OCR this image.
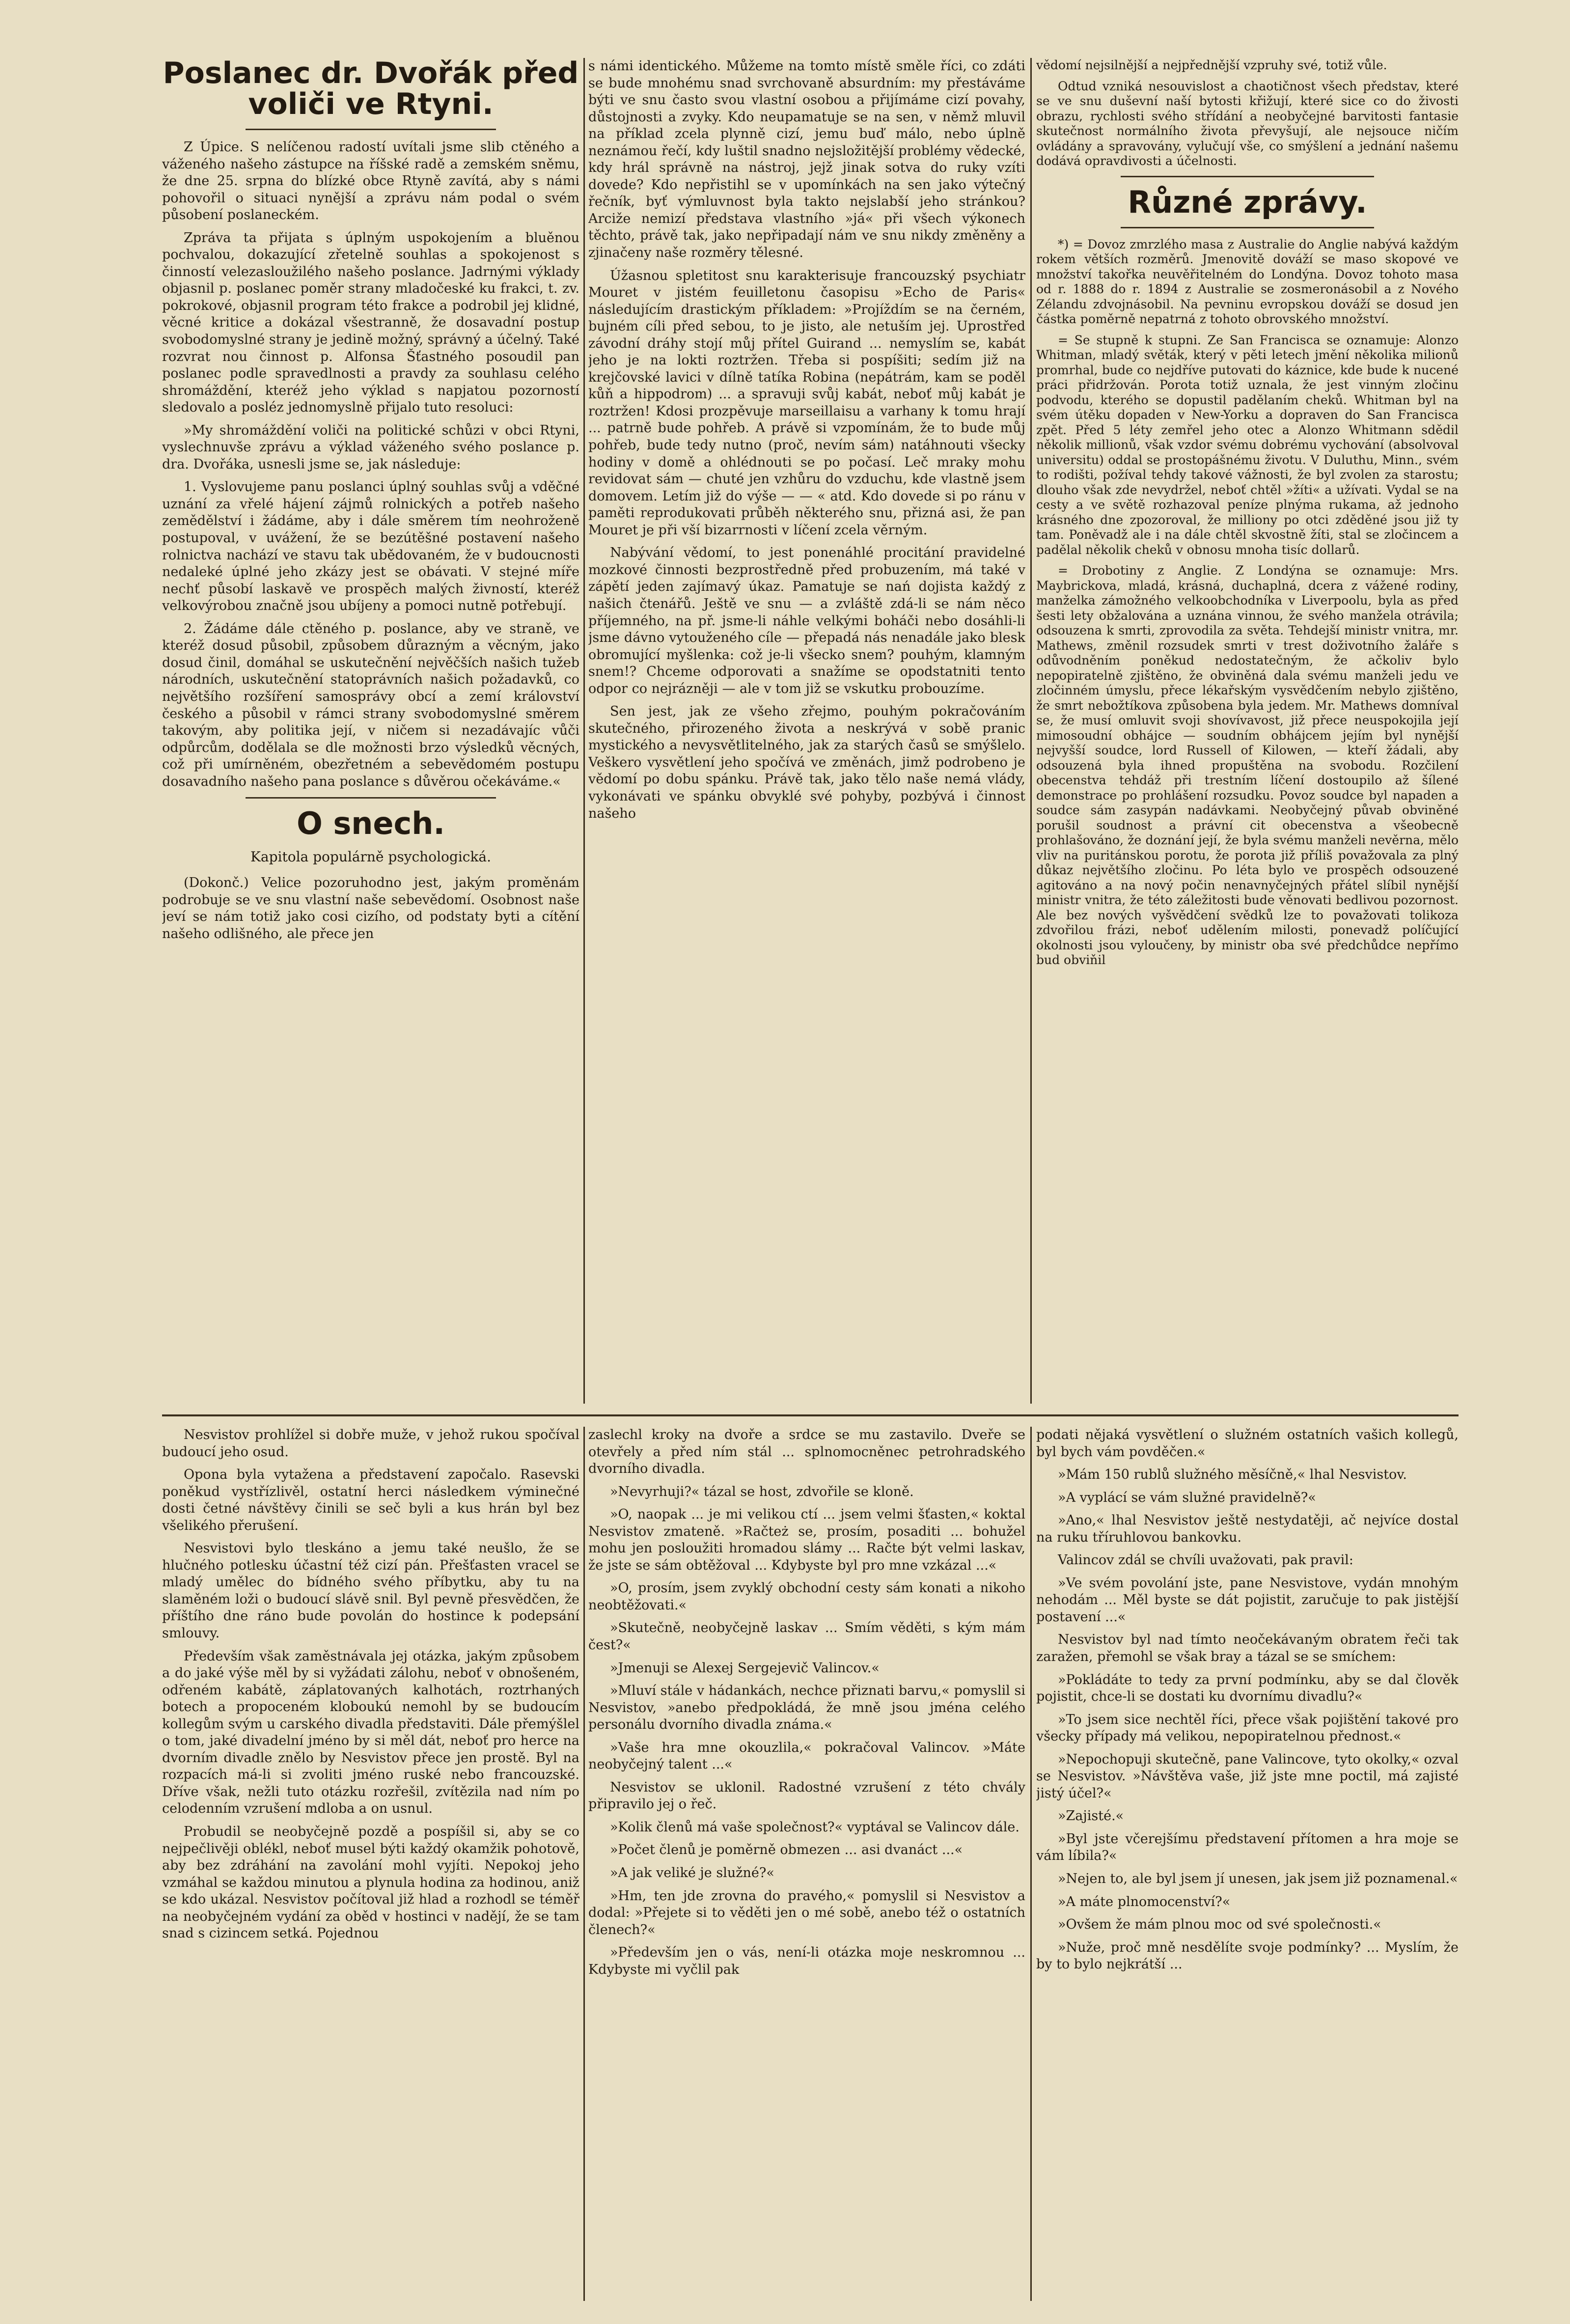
Poslanec dr. Dvořák před voliči ve Rtyni.

Z Úpice. S nelíčenou radostí uvítali jsme slib ctěného a váženého našeho zástupce na říšské radě a zemském sněmu, že dne 25. srpna do blízké obce Rtyně zavítá, aby s námi pohovořil o situaci nynější a zprávu nám podal o svém působení poslaneckém.

Zpráva ta přijata s úplným uspokojením a bluěnou pochvalou, dokazující zřetelně souhlas a spokojenost s činností velezasloužilého našeho poslance. Jadrnými výklady objasnil p. poslanec poměr strany mladočeské ku frakci, t. zv. pokrokové, objasnil program této frakce a podrobil jej klidné, věcné kritice a dokázal všestranně, že dosavadní postup svobodomyslné strany je jedině možný, správný a účelný. Také rozvrat nou činnost p. Alfonsa Šťastného posoudil pan poslanec podle spravedlnosti a pravdy za souhlasu celého shromáždění, kteréž jeho výklad s napjatou pozorností sledovalo a posléz jednomyslně přijalo tuto resoluci:

»My shromáždění voliči na politické schůzi v obci Rtyni, vyslechnuvše zprávu a výklad váženého svého poslance p. dra. Dvořáka, usnesli jsme se, jak následuje:

1. Vyslovujeme panu poslanci úplný souhlas svůj a vděčné uznání za vřelé hájení zájmů rolnických a potřeb našeho zemědělství i žádáme, aby i dále směrem tím neohroženě postupoval, v uvážení, že se bezútěšné postavení našeho rolnictva nachází ve stavu tak ubědovaném, že v budoucnosti nedaleké úplné jeho zkázy jest se obávati. V stejné míře nechť působí laskavě ve prospěch malých živností, kteréž velkovýrobou značně jsou ubíjeny a pomoci nutně potřebují.

2. Žádáme dále ctěného p. poslance, aby ve straně, ve kteréž dosud působil, způsobem důrazným a věcným, jako dosud činil, domáhal se uskutečnění nejvěčších našich tužeb národních, uskutečnění statoprávních našich požadavků, co největšího rozšíření samosprávy obcí a zemí království českého a působil v rámci strany svobodomyslné směrem takovým, aby politika její, v ničem si nezadávajíc vůči odpůrcům, dodělala se dle možnosti brzo výsledků věcných, což při umírněném, obezřetném a sebevědomém postupu dosavadního našeho pana poslance s důvěrou očekáváme.«

O snech.
Kapitola populárně psychologická.

(Dokonč.) Velice pozoruhodno jest, jakým proměnám podrobuje se ve snu vlastní naše sebevědomí. Osobnost naše jeví se nám totiž jako cosi cizího, od podstaty byti a cítění našeho odlišného, ale přece jen

s námi identického. Můžeme na tomto místě směle říci, co zdáti se bude mnohému snad svrchovaně absurdním: my přestáváme býti ve snu často svou vlastní osobou a přijímáme cizí povahy, důstojnosti a zvyky. Kdo neupamatuje se na sen, v němž mluvil na příklad zcela plynně cizí, jemu buď málo, nebo úplně neznámou řečí, kdy luštil snadno nejsložitější problémy vědecké, kdy hrál správně na nástroj, jejž jinak sotva do ruky vzíti dovede? Kdo nepřistihl se v upomínkách na sen jako výtečný řečník, byť výmluvnost byla takto nejslabší jeho stránkou? Arciže nemizí představa vlastního »já« při všech výkonech těchto, právě tak, jako nepřipadají nám ve snu nikdy změněny a zjinačeny naše rozměry tělesné.

Úžasnou spletitost snu karakterisuje francouzský psychiatr Mouret v jistém feuilletonu časopisu »Echo de Paris« následujícím drastickým příkladem: »Projíždím se na černém, bujném cíli před sebou, to je jisto, ale netuším jej. Uprostřed závodní dráhy stojí můj přítel Guirand ... nemyslím se, kabát jeho je na lokti roztržen. Třeba si pospíšiti; sedím již na krejčovské lavici v dílně tatíka Robina (nepátrám, kam se poděl kůň a hippodrom) ... a spravuji svůj kabát, neboť můj kabát je roztržen! Kdosi prozpěvuje marseillaisu a varhany k tomu hrají ... patrně bude pohřeb. A právě si vzpomínám, že to bude můj pohřeb, bude tedy nutno (proč, nevím sám) natáhnouti všecky hodiny v domě a ohlédnouti se po počasí. Leč mraky mohu revidovat sám — chuté jen vzhůru do vzduchu, kde vlastně jsem domovem. Letím již do výše — — « atd. Kdo dovede si po ránu v paměti reprodukovati průběh některého snu, přizná asi, že pan Mouret je při vší bizarrnosti v líčení zcela věrným.

Nabývání vědomí, to jest ponenáhlé procitání pravidelné mozkové činnosti bezprostředně před probuzením, má také v zápětí jeden zajímavý úkaz. Pamatuje se nań dojista každý z našich čtenářů. Ještě ve snu — a zvláště zdá-li se nám něco příjemného, na př. jsme-li náhle velkými boháči nebo dosáhli-li jsme dávno vytouženého cíle — přepadá nás nenadále jako blesk obromující myšlenka: což je-li všecko snem? pouhým, klamným snem!? Chceme odporovati a snažíme se opodstatniti tento odpor co nejrázněji — ale v tom již se vskutku probouzíme.

Sen jest, jak ze všeho zřejmo, pouhým pokračováním skutečného, přirozeného života a neskrývá v sobě pranic mystického a nevysvětlitelného, jak za starých časů se smýšlelo. Veškero vysvětlení jeho spočívá ve změnách, jimž podrobeno je vědomí po dobu spánku. Právě tak, jako tělo naše nemá vlády, vykonávati ve spánku obvyklé své pohyby, pozbývá i činnost našeho

vědomí nejsilnější a nejpřednější vzpruhy své, totiž vůle.

Odtud vzniká nesouvislost a chaotičnost všech představ, které se ve snu duševní naší bytosti křižují, které sice co do živosti obrazu, rychlosti svého střídání a neobyčejné barvitosti fantasie skutečnost normálního života převyšují, ale nejsouce ničím ovládány a spravovány, vylučují vše, co smýšlení a jednání našemu dodává opravdivosti a účelnosti.

Různé zprávy.

*) = Dovoz zmrzlého masa z Australie do Anglie nabývá každým rokem větších rozměrů. Jmenovitě dováží se maso skopové ve množství takořka neuvěřitelném do Londýna. Dovoz tohoto masa od r. 1888 do r. 1894 z Australie se zosmeronásobil a z Nového Zélandu zdvojnásobil. Na pevninu evropskou dováží se dosud jen částka poměrně nepatrná z tohoto obrovského množství.

= Se stupně k stupni. Ze San Francisca se oznamuje: Alonzo Whitman, mladý světák, který v pěti letech jmění několika milionů promrhal, bude co nejdříve putovati do káznice, kde bude k nucené práci přidržován. Porota totiž uznala, že jest vinným zločinu podvodu, kterého se dopustil padělaním cheků. Whitman byl na svém útěku dopaden v New-Yorku a dopraven do San Francisca zpět. Před 5 léty zemřel jeho otec a Alonzo Whitmann sdědil několik millionů, však vzdor svému dobrému vychování (absolvoval universitu) oddal se prostopášnému životu. V Duluthu, Minn., svém to rodišti, požíval tehdy takové vážnosti, že byl zvolen za starostu; dlouho však zde nevydržel, neboť chtěl »žíti« a užívati. Vydal se na cesty a ve světě rozhazoval peníze plnýma rukama, až jednoho krásného dne zpozoroval, že milliony po otci zděděné jsou již ty tam. Poněvadž ale i na dále chtěl skvostně žíti, stal se zločincem a padělal několik cheků v obnosu mnoha tisíc dollarů.

= Drobotiny z Anglie. Z Londýna se oznamuje: Mrs. Maybrickova, mladá, krásná, duchaplná, dcera z vážené rodiny, manželka zámožného velkoobchodníka v Liverpoolu, byla as před šesti lety obžalována a uznána vinnou, že svého manžela otrávila; odsouzena k smrti, zprovodila za světa. Tehdejší ministr vnitra, mr. Mathews, změnil rozsudek smrti v trest doživotního žaláře s odůvodněním poněkud nedostatečným, že ačkoliv bylo nepopiratelně zjištěno, že obviněná dala svému manželi jedu ve zločinném úmyslu, přece lékařským vysvědčením nebylo zjištěno, že smrt nebožtíkova způsobena byla jedem. Mr. Mathews domníval se, že musí omluvit svoji shovívavost, již přece neuspokojila její mimosoudní obhájce — soudním obhájcem jejím byl nynější nejvyšší soudce, lord Russell of Kilowen, — kteří žádali, aby odsouzená byla ihned propuštěna na svobodu. Rozčilení obecenstva tehdáž při trestním líčení dostoupilo až šílené demonstrace po prohlášení rozsudku. Povoz soudce byl napaden a soudce sám zasypán nadávkami. Neobyčejný půvab obviněné porušil soudnost a právní cit obecenstva a všeobecně prohlašováno, že doznání její, že byla svému manželi nevěrna, mělo vliv na puritánskou porotu, že porota již příliš považovala za plný důkaz největšího zločinu. Po léta bylo ve prospěch odsouzené agitováno a na nový počin nenavnyčejných přátel slíbil nynější ministr vnitra, že této záležitosti bude věnovati bedlivou pozornost. Ale bez nových vyšvědčení svědků lze to považovati tolikoza zdvořilou frázi, neboť udělením milosti, ponevadž políčující okolnosti jsou vyloučeny, by ministr oba své předchůdce nepřímo bud obviňil

Nesvistov prohlížel si dobře muže, v jehož rukou spočíval budoucí jeho osud.

Opona byla vytažena a představení započalo. Rasevski poněkud vystřízlivěl, ostatní herci následkem výminečné dosti četné návštěvy činili se seč byli a kus hrán byl bez všelikého přerušení.

Nesvistovi bylo tleskáno a jemu také neušlo, že se hlučného potlesku účastní též cizí pán. Přešťasten vracel se mladý umělec do bídného svého příbytku, aby tu na slaměném loži o budoucí slávě snil. Byl pevně přesvědčen, že příštího dne ráno bude povolán do hostince k podepsání smlouvy.

Především však zaměstnávala jej otázka, jakým způsobem a do jaké výše měl by si vyžádati zálohu, neboť v obnošeném, odřeném kabátě, záplatovaných kalhotách, roztrhaných botech a propoceném kloboukú nemohl by se budoucím kollegům svým u carského divadla představiti. Dále přemýšlel o tom, jaké divadelní jméno by si měl dát, neboť pro herce na dvorním divadle znělo by Nesvistov přece jen prostě. Byl na rozpacích má-li si zvoliti jméno ruské nebo francouzské. Dříve však, nežli tuto otázku rozřešil, zvítězila nad ním po celodenním vzrušení mdloba a on usnul.

Probudil se neobyčejně pozdě a pospíšil si, aby se co nejpečlivěji oblékl, neboť musel býti každý okamžik pohotově, aby bez zdráhání na zavolání mohl vyjíti. Nepokoj jeho vzmáhal se každou minutou a plynula hodina za hodinou, aniž se kdo ukázal. Nesvistov počítoval již hlad a rozhodl se téměř na neobyčejném vydání za oběd v hostinci v nadějí, že se tam snad s cizincem setká. Pojednou

zaslechl kroky na dvoře a srdce se mu zastavilo. Dveře se otevřely a před ním stál ... splnomocněnec petrohradského dvorního divadla.

»Nevyrhuji?« tázal se host, zdvořile se kloně.

»O, naopak ... je mi velikou ctí ... jsem velmi šťasten,« koktal Nesvistov zmateně. »Račteż se, prosím, posaditi ... bohužel mohu jen posloužiti hromadou slámy ... Račte být velmi laskav, že jste se sám obtěžoval ... Kdybyste byl pro mne vzkázal ...«

»O, prosím, jsem zvyklý obchodní cesty sám konati a nikoho neobtěžovati.«

»Skutečně, neobyčejně laskav ... Smím věděti, s kým mám čest?«

»Jmenuji se Alexej Sergejevič Valincov.«

»Mluví stále v hádankách, nechce přiznati barvu,« pomyslil si Nesvistov, »anebo předpokládá, že mně jsou jména celého personálu dvorního divadla známa.«

»Vaše hra mne okouzlila,« pokračoval Valincov. »Máte neobyčejný talent ...«

Nesvistov se uklonil. Radostné vzrušení z této chvály připravilo jej o řeč.

»Kolik členů má vaše společnost?« vyptával se Valincov dále.

»Počet členů je poměrně obmezen ... asi dvanáct ...«

»A jak veliké je služné?«

»Hm, ten jde zrovna do pravého,« pomyslil si Nesvistov a dodal: »Přejete si to věděti jen o mé sobě, anebo též o ostatních členech?«

»Především jen o vás, není-li otázka moje neskromnou ... Kdybyste mi vyčlil pak

podati nějaká vysvětlení o služném ostatních vašich kollegů, byl bych vám povděčen.«

»Mám 150 rublů služného měsíčně,« lhal Nesvistov.

»A vyplácí se vám služné pravidelně?«

»Ano,« lhal Nesvistov ještě nestydatěji, ač nejvíce dostal na ruku tříruhlovou bankovku.

Valincov zdál se chvíli uvažovati, pak pravil:

»Ve svém povolání jste, pane Nesvistove, vydán mnohým nehodám ... Měl byste se dát pojistit, zaručuje to pak jistější postavení ...«

Nesvistov byl nad tímto neočekávaným obratem řeči tak zaražen, přemohl se však bray a tázal se se smíchem:

»Pokládáte to tedy za první podmínku, aby se dal člověk pojistit, chce-li se dostati ku dvornímu divadlu?«

»To jsem sice nechtěl říci, přece však pojištění takové pro všecky případy má velikou, nepopiratelnou přednost.«

»Nepochopuji skutečně, pane Valincove, tyto okolky,« ozval se Nesvistov. »Návštěva vaše, již jste mne poctil, má zajisté jistý účel?«

»Zajisté.«

»Byl jste včerejšímu představení přítomen a hra moje se vám líbila?«

»Nejen to, ale byl jsem jí unesen, jak jsem již poznamenal.«

»A máte plnomocenství?«

»Ovšem že mám plnou moc od své společnosti.«

»Nuže, proč mně nesdělíte svoje podmínky? ... Myslím, že by to bylo nejkrátší ...
